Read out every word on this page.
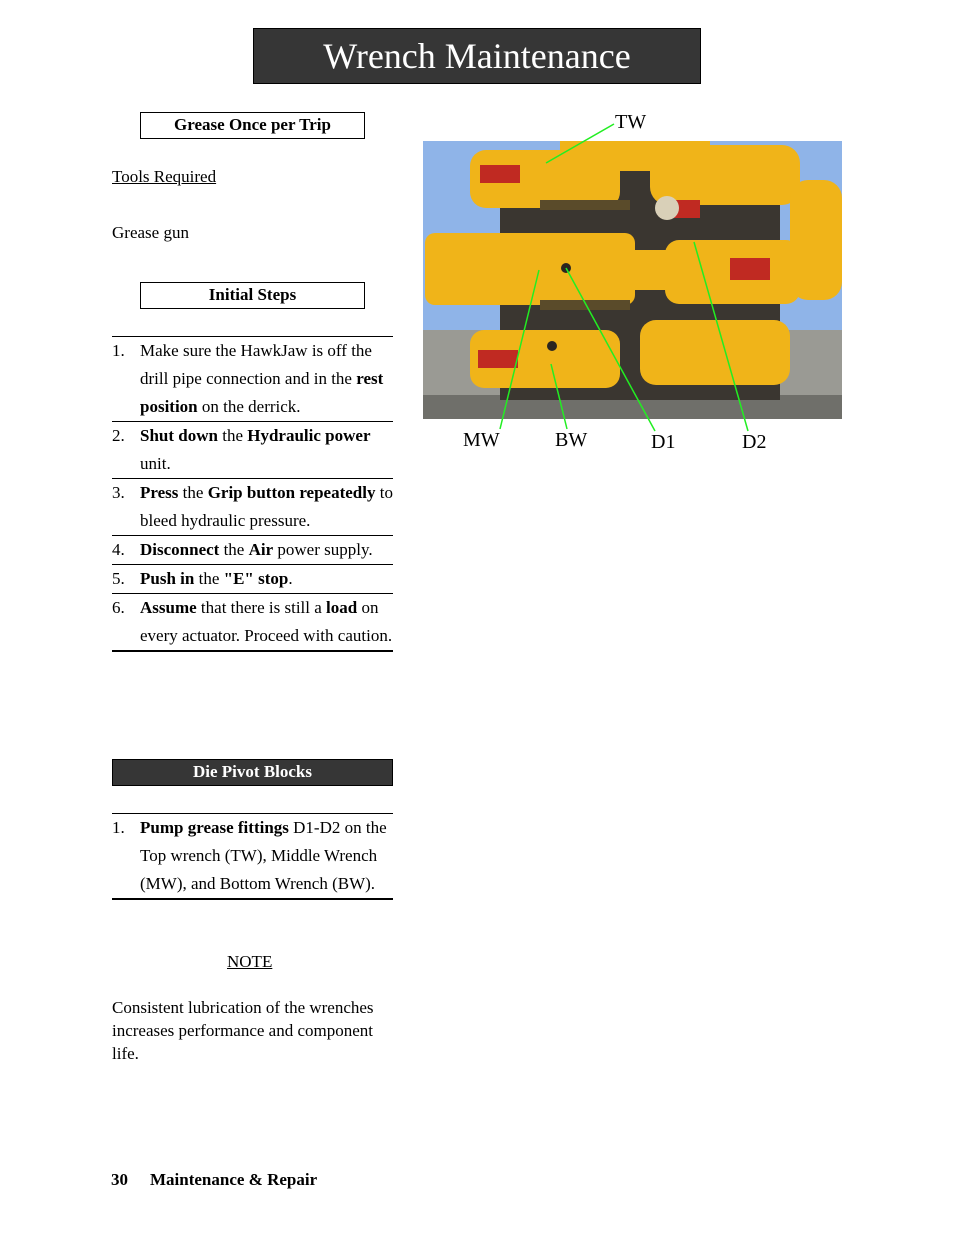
Wrench Maintenance
Grease Once per Trip
Tools Required
Grease gun
Initial Steps
1. Make sure the HawkJaw is off the drill pipe connection and in the rest position on the derrick.
2. Shut down the Hydraulic power unit.
3. Press the Grip button repeatedly to bleed hydraulic pressure.
4. Disconnect the Air power supply.
5. Push in the "E" stop.
6. Assume that there is still a load on every actuator. Proceed with caution.
Die Pivot Blocks
1. Pump grease fittings D1-D2 on the Top wrench (TW), Middle Wrench (MW), and Bottom Wrench (BW).
NOTE
Consistent lubrication of the wrenches increases performance and component life.
30 Maintenance & Repair
TW
MW	BW	D1	D2
